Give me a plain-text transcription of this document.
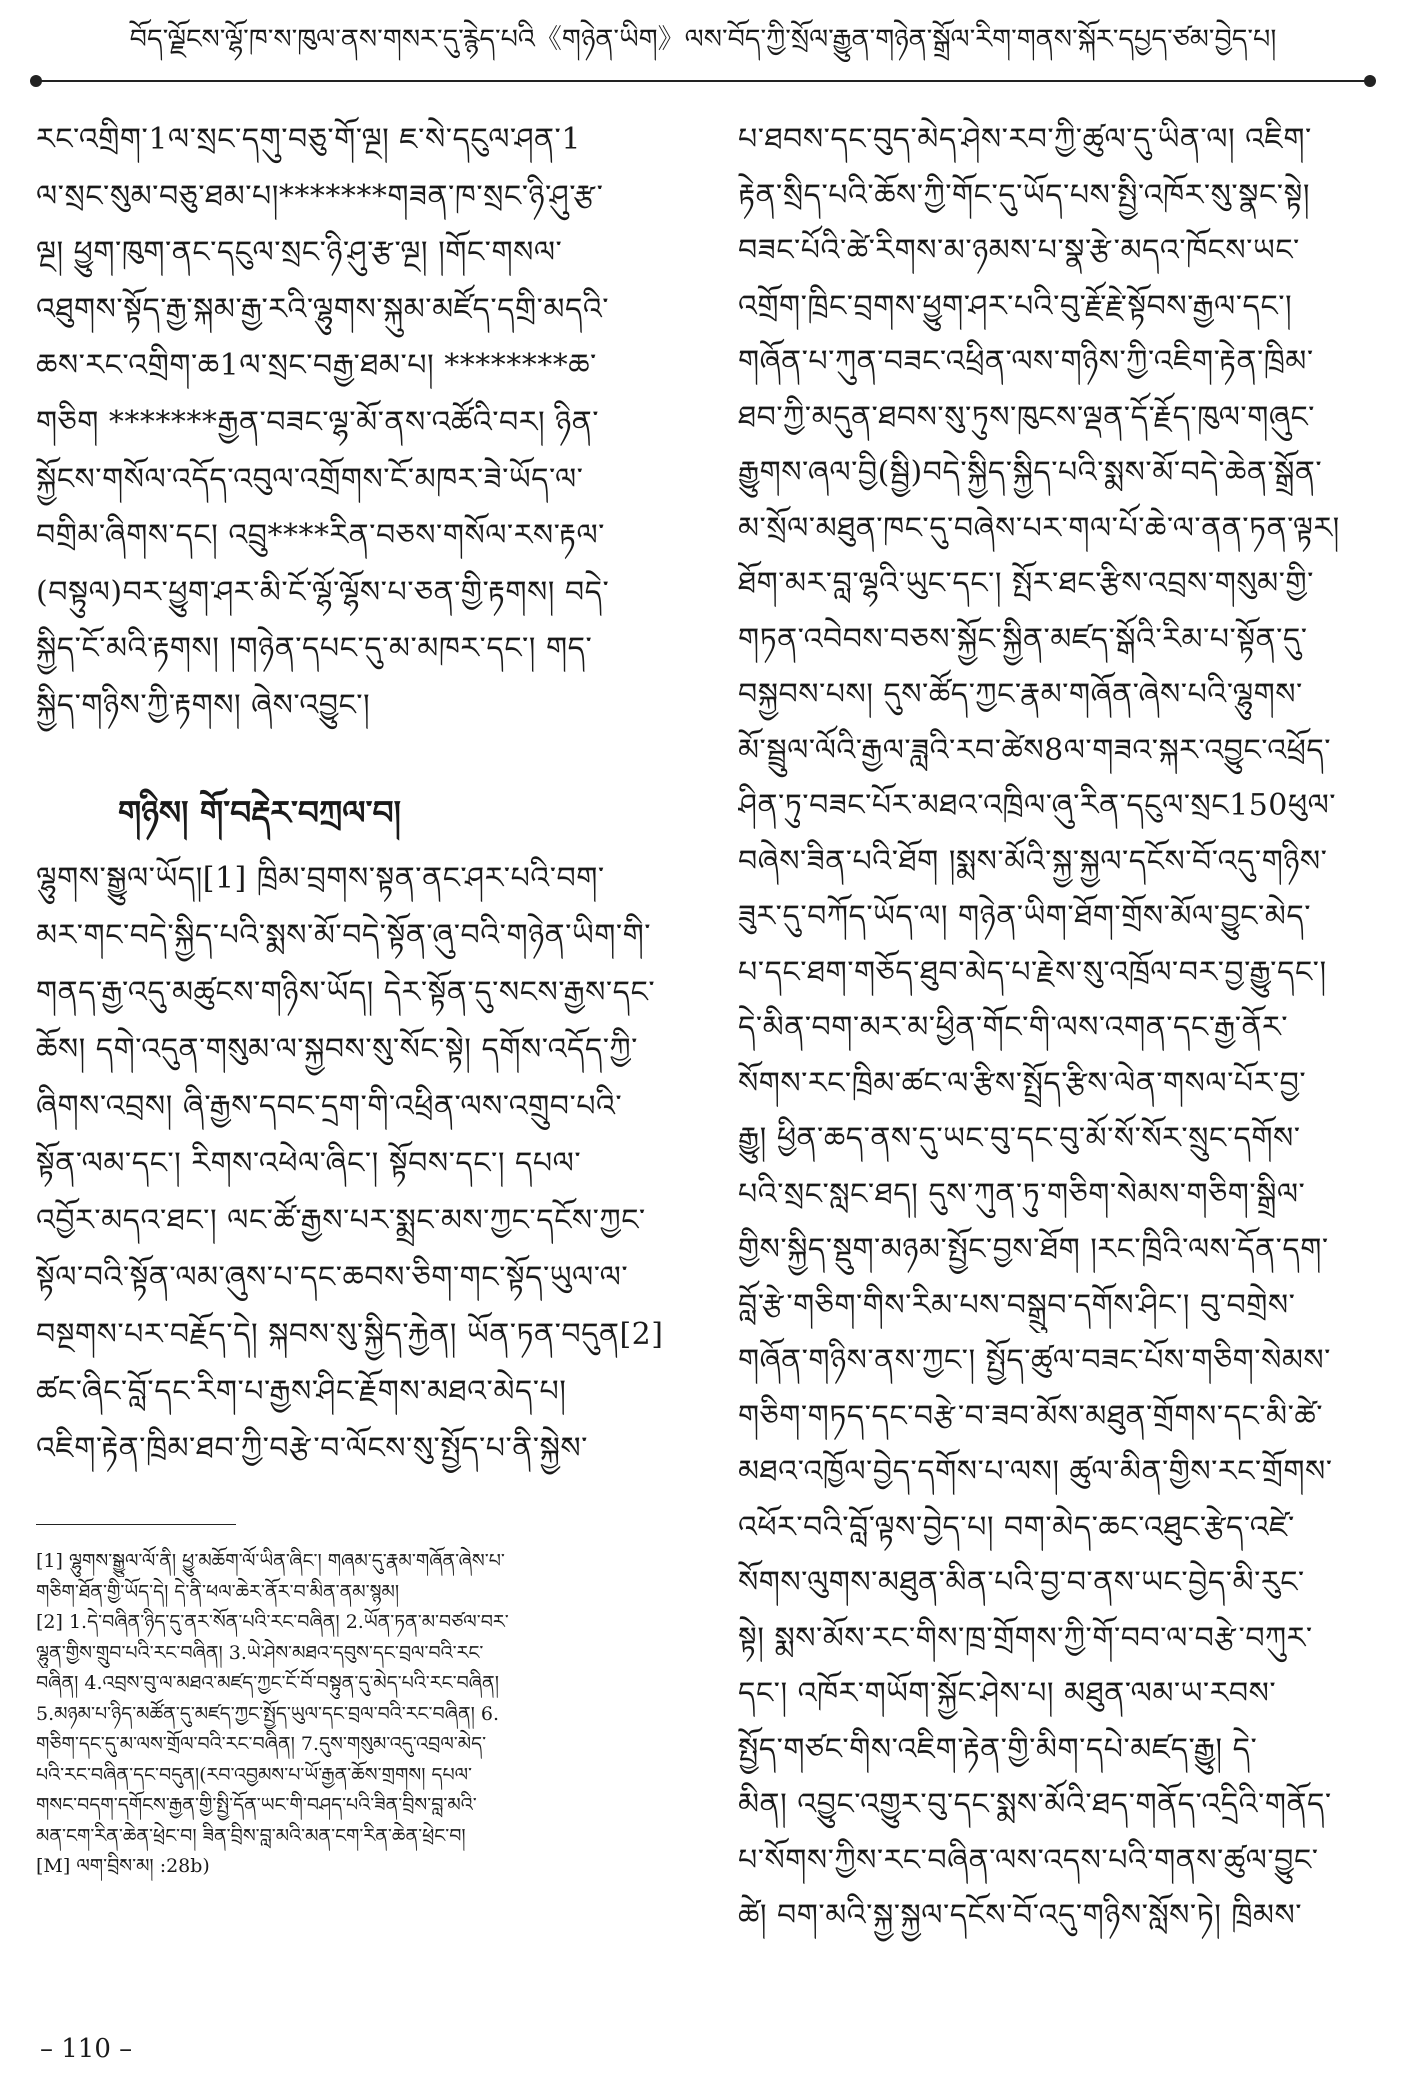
བོད་ལྗོངས་ལྷོ་ཁ་ས་ཁུལ་ནས་གསར་དུ་རྙེད་པའི《གཉེན་ཡིག》ལས་བོད་ཀྱི་སྲོལ་རྒྱུན་གཉེན་སྒྲོལ་རིག་གནས་སྐོར་དཔྱད་ཙམ་བྱེད་པ།
རང་འགྲིག་1ལ་སྲང་དགུ་བཅུ་གོ་ལྔ། ཇ་སེ་དངུལ་ཤན་1
ལ་སྲང་སུམ་བཅུ་ཐམ་པ།*******གཟན་ཁ་སྲང་ཉི་ཤུ་རྩ་
ལྔ། ཕྱུག་ཁུག་ནང་དངུལ་སྲང་ཉི་ཤུ་རྩ་ལྔ། །གོང་གསལ་
འཐུགས་སྟོད་རྒྱ་སྐམ་རྒྱ་རའི་ལྷུགས་སྐུམ་མཛོད་དགྲི་མདའི་
ཆས་རང་འགྲིག་ཆ1ལ་སྲང་བརྒྱ་ཐམ་པ། ********ཆ་
གཅིག *******རྒྱན་བཟང་ལྷ་མོ་ནས་འཚོའི་བར། ཉིན་
སྐྱོངས་གསོལ་འདོད་འབུལ་འགྲོགས་ངོ་མཁར་ཟེ་ཡོད་ལ་
བགྲིམ་ཞིགས་དང། འབྲུ****རིན་བཅས་གསོལ་རས་རྟལ་
(བསྟུལ)བར་ཕྱུག་ཤར་མི་ངོ་ལྷོ་ལྷོས་པ་ཅན་གྱི་རྟགས། བདེ་
སྐྱིད་ངོ་མའི་རྟགས། །གཉེན་དཔང་དུ་མ་མཁར་དང་། གད་
སྐྱིད་གཉིས་ཀྱི་རྟགས། ཞེས་འབྱུང་།
གཉིས། གོ་བརྡེར་བཀྲལ་བ།
ལྷུགས་སྒྱུལ་ཡོད།[1] ཁྲིམ་བྲགས་སྟན་ནང་ཤར་པའི་བག་
མར་གང་བདེ་སྐྱིད་པའི་སྨས་མོ་བདེ་སྟོན་ཞུ་བའི་གཉེན་ཡིག་གི་
གནད་རྒྱ་འདུ་མཚུངས་གཉིས་ཡོད། དེར་སྟོན་དུ་སངས་རྒྱས་དང་
ཆོས། དགེ་འདུན་གསུམ་ལ་སྐྱབས་སུ་སོང་སྟེ། དགོས་འདོད་ཀྱི་
ཞིགས་འབྲས། ཞི་རྒྱས་དབང་དྲག་གི་འཕྲིན་ལས་འགྲུབ་པའི་
སྟོན་ལམ་དང་། རིགས་འཕེལ་ཞིང་། སྟོབས་དང་། དཔལ་
འབྱོར་མདའ་ཐང་། ལང་ཚོ་རྒྱས་པར་སྨྲང་མས་ཀྱང་དངོས་ཀྱང་
སྟོལ་བའི་སྟོན་ལམ་ཞུས་པ་དང་ཆབས་ཅིག་གང་སྟོད་ཡུལ་ལ་
བསྔགས་པར་བརྗོད་དེ། སྐབས་སུ་སྐྱིད་རྐྱེན། ཡོན་ཏན་བདུན[2]
ཚང་ཞིང་བློ་དང་རིག་པ་རྒྱས་ཤིང་རྗོགས་མཐའ་མེད་པ།
འཇིག་རྟེན་ཁྲིམ་ཐབ་ཀྱི་བརྩེ་བ་ལོངས་སུ་སྤྱོད་པ་ནི་སྐྱེས་
[1] ལྷུགས་སྒྱུལ་ལོ་ནི། ཕྱུ་མཆོག་ལོ་ཡིན་ཞིང་། གཞམ་དུ་རྣམ་གཞོན་ཞེས་པ་
གཅིག་ཐོན་གྱི་ཡོད་དེ། དེ་ནི་ཕལ་ཆེར་ནོར་བ་མིན་ནམ་སྙམ།
[2] 1.དེ་བཞིན་ཉིད་དུ་ནར་སོན་པའི་རང་བཞིན། 2.ཡོན་ཏན་མ་བཙལ་བར་
ལྷུན་གྱིས་གྲུབ་པའི་རང་བཞིན། 3.ཡེ་ཤེས་མཐའ་དབུས་དང་བྲལ་བའི་རང་
བཞིན། 4.འབྲས་བུ་ལ་མཐའ་མཛད་ཀྱང་ངོ་བོ་བསྟུན་དུ་མེད་པའི་རང་བཞིན།
5.མཉམ་པ་ཉིད་མཚོན་དུ་མཛད་ཀྱང་སྤྱོད་ཡུལ་དང་བྲལ་བའི་རང་བཞིན། 6.
གཅིག་དང་དུ་མ་ལས་གྲོལ་བའི་རང་བཞིན། 7.དུས་གསུམ་འདུ་འབྲལ་མེད་
པའི་རང་བཞིན་དང་བདུན།(རབ་འབྱམས་པ་ཡོ་རྒྱན་ཆོས་གྲགས། དཔལ་
གསང་བདག་དགོངས་རྒྱན་གྱི་སྤྱི་དོན་ཡང་གི་བཤད་པའི་ཟིན་བྲིས་བླ་མའི་
མན་ངག་རིན་ཆེན་ཕྲེང་བ། ཟིན་བྲིས་བླ་མའི་མན་ངག་རིན་ཆེན་ཕྲེང་བ།
[M] ལག་བྲིས་མ། :28b)
པ་ཐབས་དང་བུད་མེད་ཤེས་རབ་ཀྱི་ཚུལ་དུ་ཡིན་ལ། འཇིག་
རྟེན་སྲིད་པའི་ཆོས་ཀྱི་གོང་དུ་ཡོད་པས་སྤྱི་འཁོར་སུ་སྣང་སྟེ།
བཟང་པོའི་ཚེ་རིགས་མ་ཉམས་པ་སྣ་རྩེ་མདའ་ཁོངས་ཡང་
འགྲོག་ཁྲིང་བྲགས་ཕྱུག་ཤར་པའི་བུ་རྗོ་རྗེ་སྟོབས་རྒྱལ་དང་།
གཞོན་པ་ཀུན་བཟང་འཕྲིན་ལས་གཉིས་ཀྱི་འཇིག་རྟེན་ཁྲིམ་
ཐབ་ཀྱི་མདུན་ཐབས་སུ་ཏུས་ཁུངས་ལྡན་དོ་རྗོད་ཁུལ་གཞུང་
རྒྱུགས་ཞལ་བྱི(སྦྱི)བདེ་སྐྱིད་སྐྱིད་པའི་སྨས་མོ་བདེ་ཆེན་སྒྲོན་
མ་སྲོལ་མཐུན་ཁང་དུ་བཞེས་པར་གལ་པོ་ཆེ་ལ་ནན་ཏན་ལྟར།
ཐོག་མར་བླ་ལྷའི་ཡུང་དང་། སྤོར་ཐང་རྩིས་འབྲས་གསུམ་གྱི་
གཏན་འབེབས་བཅས་སྐྱོང་སྐྱིན་མཛད་སྒོའི་རིམ་པ་སྟོན་དུ་
བསྐྱབས་པས། དུས་ཚོད་ཀྱང་རྣམ་གཞོན་ཞེས་པའི་ལྷུགས་
མོ་སྦྲུལ་ལོའི་རྒྱལ་ཟླའི་རབ་ཚེས8ལ་གཟའ་སྐར་འབྱུང་འཕྲོད་
ཤིན་ཏུ་བཟང་པོར་མཐའ་འཁྲིལ་ཞུ་རིན་དངུལ་སྲང150ཕུལ་
བཞེས་ཟིན་པའི་ཐོག །སྨས་མོའི་སྐྱ་སྐྱལ་དངོས་བོ་འདུ་གཉིས་
ཟུར་དུ་བཀོད་ཡོད་ལ། གཉེན་ཡིག་ཐོག་གྲོས་མོལ་བྱུང་མེད་
པ་དང་ཐག་གཅོད་ཐུབ་མེད་པ་རྗེས་སུ་འཁྲོལ་བར་བྱ་རྒྱུ་དང་།
དེ་མིན་བག་མར་མ་ཕྱིན་གོང་གི་ལས་འགན་དང་རྒྱ་ནོར་
སོགས་རང་ཁྲིམ་ཚང་ལ་རྩིས་སྤྲོད་རྩིས་ལེན་གསལ་པོར་བྱ་
རྒྱུ། ཕྱིན་ཆད་ནས་དུ་ཡང་བུ་དང་བུ་མོ་སོ་སོར་སྲུང་དགོས་
པའི་སྲང་སླང་ཐད། དུས་ཀུན་ཏུ་གཅིག་སེམས་གཅིག་སྒྲིལ་
གྱིས་སྐྱིད་སྡུག་མཉམ་སྤྱོང་བྱས་ཐོག །རང་ཁྲིའི་ལས་དོན་དག་
བློ་རྩེ་གཅིག་གིས་རིམ་པས་བསྒྲུབ་དགོས་ཤིང་། བུ་བགྲེས་
གཞོན་གཉིས་ནས་ཀྱང་། སྤྱོད་ཚུལ་བཟང་པོས་གཅིག་སེམས་
གཅིག་གཏད་དང་བརྩེ་བ་ཟབ་མོས་མཐུན་གྲོགས་དང་མི་ཚེ་
མཐའ་འཁྱོལ་བྱེད་དགོས་པ་ལས། ཚུལ་མིན་གྱིས་རང་གྲོགས་
འཕོར་བའི་བློ་ལྟས་བྱེད་པ། བག་མེད་ཆང་འཐུང་རྩེད་འཛེ་
སོགས་ལུགས་མཐུན་མིན་པའི་བྱ་བ་ནས་ཡང་བྱེད་མི་རུང་
སྟེ། སྨས་མོས་རང་གིས་ཁྲ་གྲོགས་ཀྱི་གོ་བབ་ལ་བརྩེ་བཀུར་
དང་། འཁོར་གཡོག་སྐྱོང་ཤེས་པ། མཐུན་ལམ་ཡ་རབས་
སྤྱོད་གཙང་གིས་འཇིག་རྟེན་གྱི་མིག་དཔེ་མཛད་རྒྱུ། དེ་
མིན། འབྱུང་འགྱུར་བུ་དང་སྨས་མོའི་ཐད་གནོད་འདྲིའི་གནོད་
པ་སོགས་ཀྱིས་རང་བཞིན་ལས་འདས་པའི་གནས་ཚུལ་བྱུང་
ཚེ། བག་མའི་སྐྱ་སྐྱལ་དངོས་བོ་འདུ་གཉིས་སློས་ཏེ། ཁྲིམས་
– 110 –
